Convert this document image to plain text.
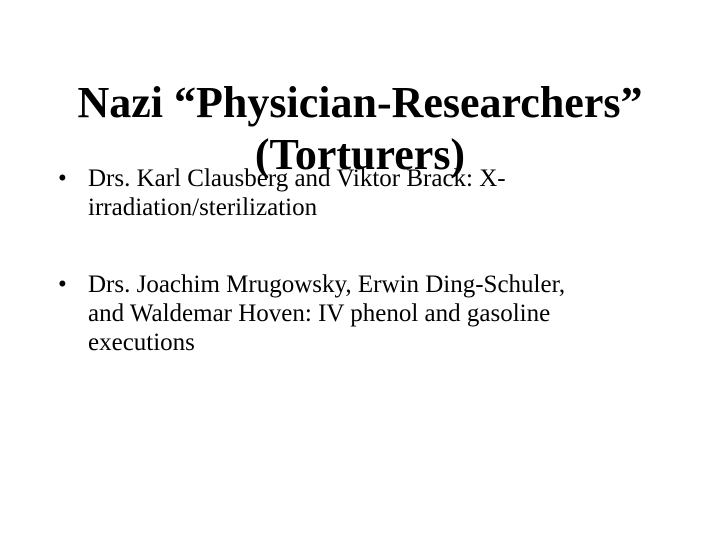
Nazi “Physician-Researchers”
(Torturers)
• Drs. Karl Clausberg and Viktor Brack: X-
irradiation/sterilization
• Drs. Joachim Mrugowsky, Erwin Ding-Schuler,
and Waldemar Hoven: IV phenol and gasoline
executions
